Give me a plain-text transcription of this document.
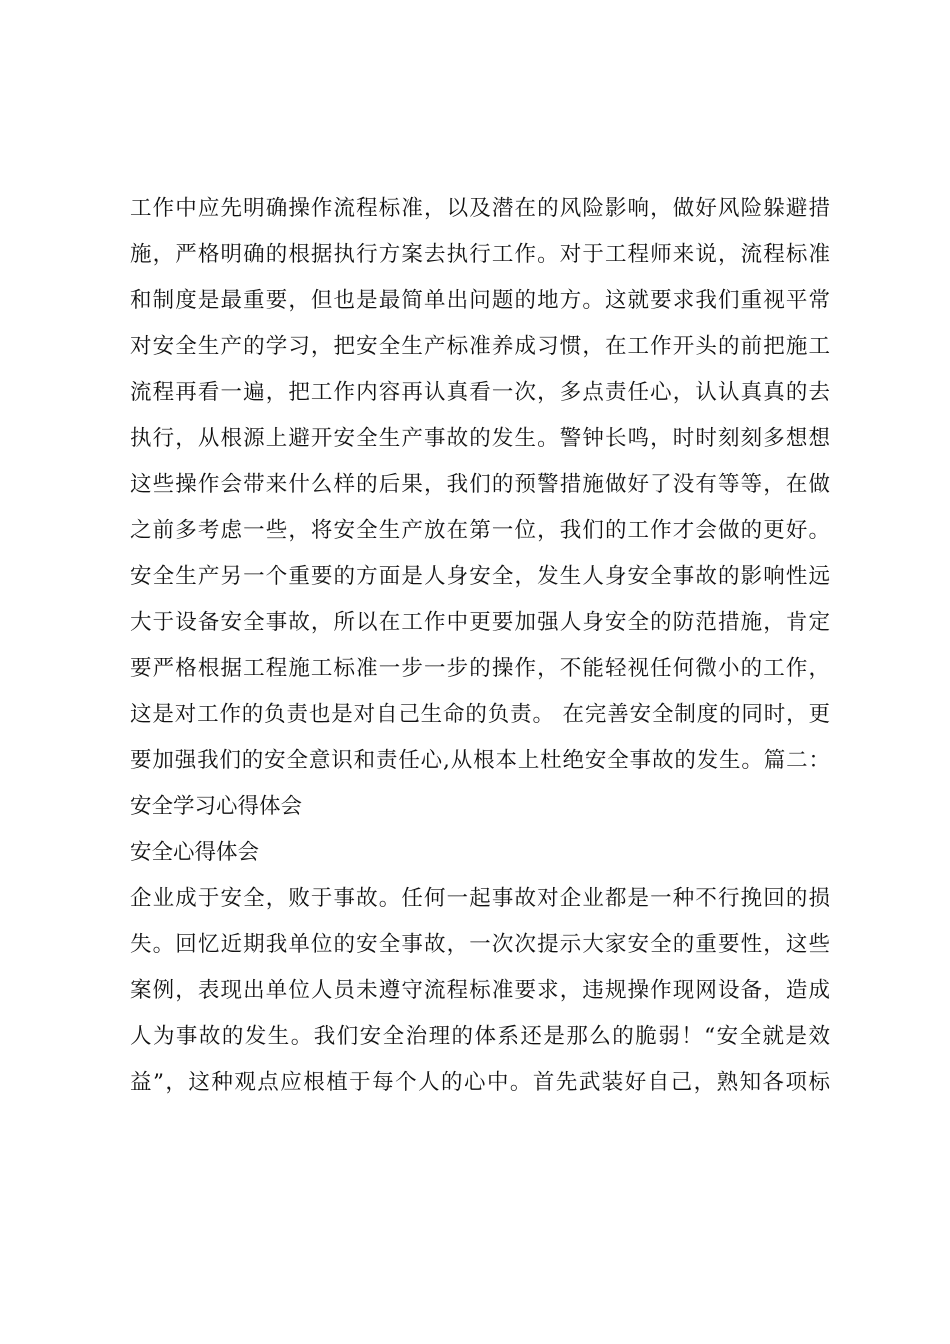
工作中应先明确操作流程标准，以及潜在的风险影响，做好风险躲避措
施，严格明确的根据执行方案去执行工作。对于工程师来说，流程标准
和制度是最重要，但也是最简单出问题的地方。这就要求我们重视平常
对安全生产的学习，把安全生产标准养成习惯，在工作开头的前把施工
流程再看一遍，把工作内容再认真看一次，多点责任心，认认真真的去
执行，从根源上避开安全生产事故的发生。警钟长鸣，时时刻刻多想想
这些操作会带来什么样的后果，我们的预警措施做好了没有等等，在做
之前多考虑一些，将安全生产放在第一位，我们的工作才会做的更好。
安全生产另一个重要的方面是人身安全，发生人身安全事故的影响性远
大于设备安全事故，所以在工作中更要加强人身安全的防范措施，肯定
要严格根据工程施工标准一步一步的操作，不能轻视任何微小的工作，
这是对工作的负责也是对自己生命的负责。 在完善安全制度的同时，更
要加强我们的安全意识和责任心,从根本上杜绝安全事故的发生。篇二：
安全学习心得体会
安全心得体会
企业成于安全，败于事故。任何一起事故对企业都是一种不行挽回的损
失。回忆近期我单位的安全事故，一次次提示大家安全的重要性，这些
案例，表现出单位人员未遵守流程标准要求，违规操作现网设备，造成
人为事故的发生。我们安全治理的体系还是那么的脆弱！“安全就是效
益”，这种观点应根植于每个人的心中。首先武装好自己，熟知各项标
